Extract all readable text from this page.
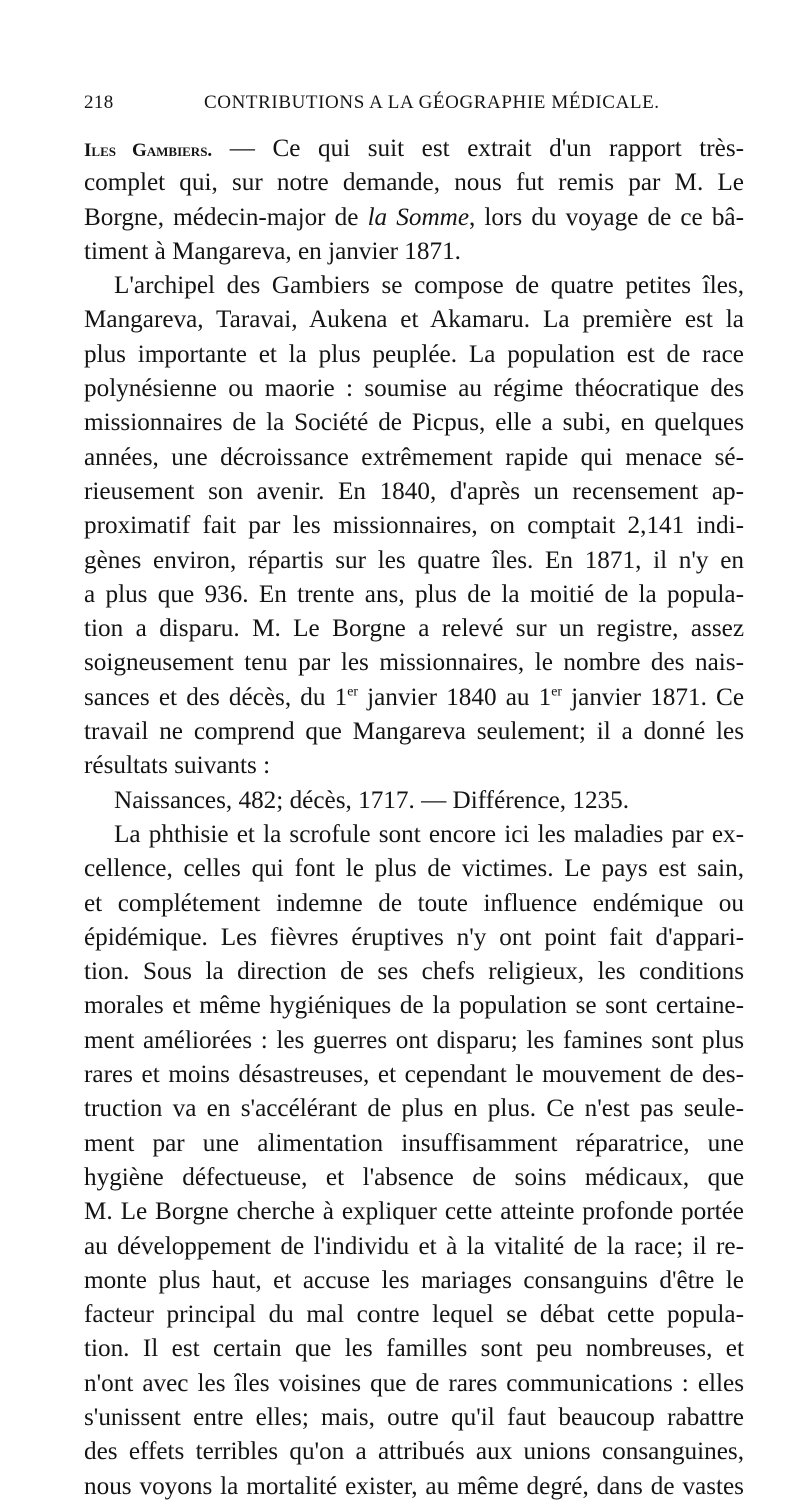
218	CONTRIBUTIONS A LA GÉOGRAPHIE MÉDICALE.
Iles Gambiers. — Ce qui suit est extrait d'un rapport très-
complet qui, sur notre demande, nous fut remis par M. Le
Borgne, médecin-major de la Somme, lors du voyage de ce bâ-
timent à Mangareva, en janvier 1871.
L'archipel des Gambiers se compose de quatre petites îles,
Mangareva, Taravai, Aukena et Akamaru. La première est la
plus importante et la plus peuplée. La population est de race
polynésienne ou maorie : soumise au régime théocratique des
missionnaires de la Société de Picpus, elle a subi, en quelques
années, une décroissance extrêmement rapide qui menace sé-
rieusement son avenir. En 1840, d'après un recensement ap-
proximatif fait par les missionnaires, on comptait 2,141 indi-
gènes environ, répartis sur les quatre îles. En 1871, il n'y en
a plus que 936. En trente ans, plus de la moitié de la popula-
tion a disparu. M. Le Borgne a relevé sur un registre, assez
soigneusement tenu par les missionnaires, le nombre des nais-
sances et des décès, du 1er janvier 1840 au 1er janvier 1871. Ce
travail ne comprend que Mangareva seulement; il a donné les
résultats suivants :
Naissances, 482; décès, 1717. — Différence, 1235.
La phthisie et la scrofule sont encore ici les maladies par ex-
cellence, celles qui font le plus de victimes. Le pays est sain,
et complétement indemne de toute influence endémique ou
épidémique. Les fièvres éruptives n'y ont point fait d'appari-
tion. Sous la direction de ses chefs religieux, les conditions
morales et même hygiéniques de la population se sont certaine-
ment améliorées : les guerres ont disparu; les famines sont plus
rares et moins désastreuses, et cependant le mouvement de des-
truction va en s'accélérant de plus en plus. Ce n'est pas seule-
ment par une alimentation insuffisamment réparatrice, une
hygiène défectueuse, et l'absence de soins médicaux, que
M. Le Borgne cherche à expliquer cette atteinte profonde portée
au développement de l'individu et à la vitalité de la race; il re-
monte plus haut, et accuse les mariages consanguins d'être le
facteur principal du mal contre lequel se débat cette popula-
tion. Il est certain que les familles sont peu nombreuses, et
n'ont avec les îles voisines que de rares communications : elles
s'unissent entre elles; mais, outre qu'il faut beaucoup rabattre
des effets terribles qu'on a attribués aux unions consanguines,
nous voyons la mortalité exister, au même degré, dans de vastes
